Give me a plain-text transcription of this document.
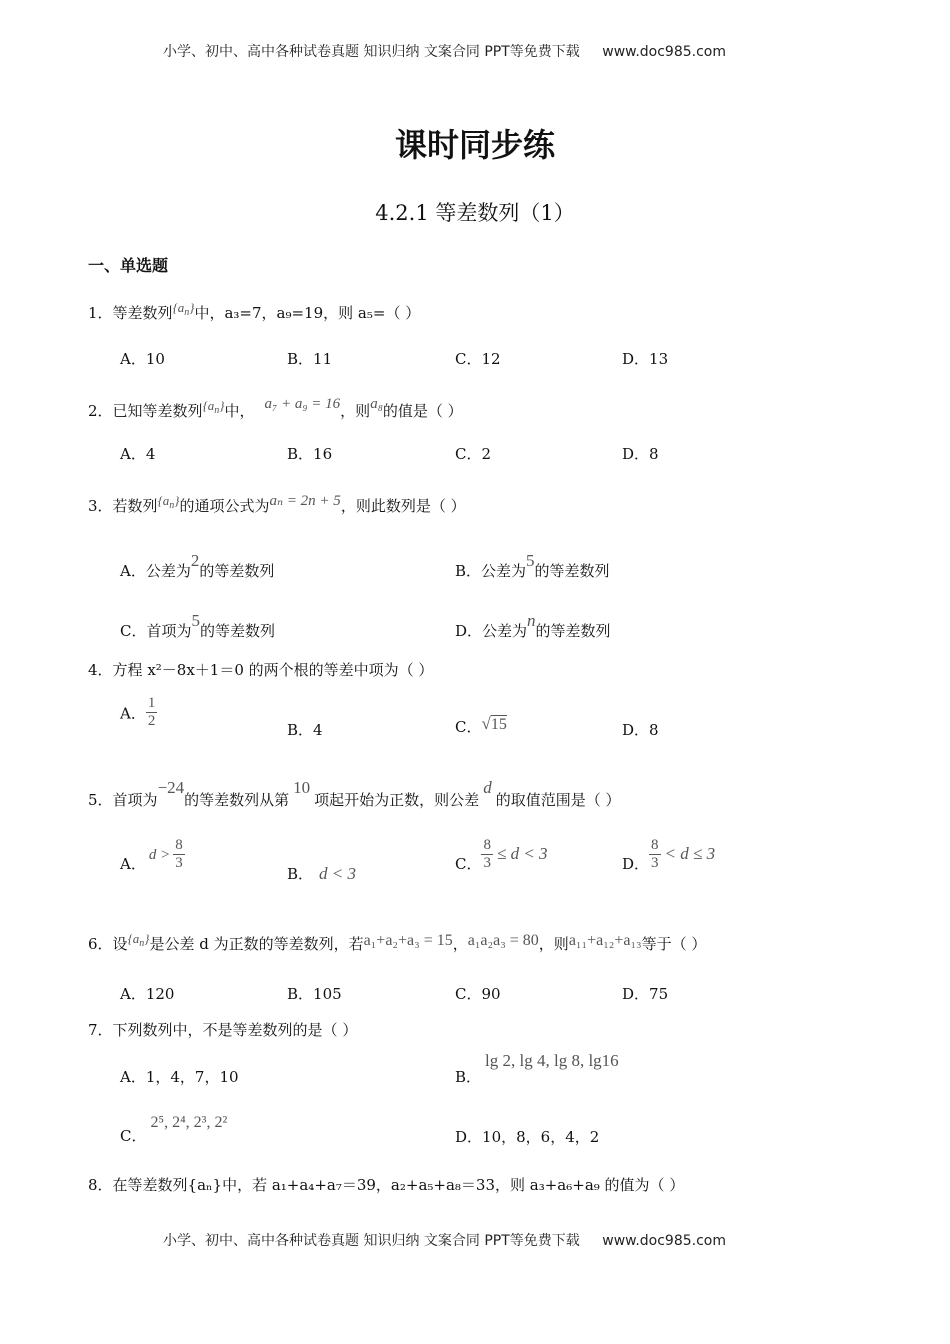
小学、初中、高中各种试卷真题 知识归纳 文案合同 PPT等免费下载 www.doc985.com
课时同步练
4.2.1 等差数列（1）
一、单选题
1．等差数列$\{a_n\}$中，a₃=7，a₉=19，则 a₅=（ ）
A．10	B．11	C．12	D．13
2．已知等差数列$\{a_n\}$中， a₇ + a₉ = 16，则a₈的值是（ ）
A．4	B．16	C．2	D．8
3．若数列$\{a_n\}$的通项公式为aₙ = 2n + 5，则此数列是（ ）
A．公差为2的等差数列	B．公差为5的等差数列
C．首项为5的等差数列	D．公差为n的等差数列
4．方程 x²－8x＋1＝0 的两个根的等差中项为（ ）
A． $\frac{1}{2}$	B．4	C．√15	D．8
5．首项为−24的等差数列从第10项起开始为正数，则公差d的取值范围是（ ）
A． $d > \frac{8}{3}$
B． d < 3
C． $\frac{8}{3} \le d < 3$
D． $\frac{8}{3} < d \le 3$
6．设$\{a_n\}$是公差 d 为正数的等差数列，若a₁+a₂+a₃ = 15，a₁a₂a₃ = 80，则a₁₁+a₁₂+a₁₃等于（ ）
A．120	B．105	C．90	D．75
7．下列数列中，不是等差数列的是（ ）
A．1，4，7，10	B．lg 2, lg 4, lg 8, lg16
C．2⁵, 2⁴, 2³, 2²
D．10，8，6，4，2
8．在等差数列{aₙ}中，若 a₁+a₄+a₇＝39，a₂+a₅+a₈＝33，则 a₃+a₆+a₉ 的值为（ ）
小学、初中、高中各种试卷真题 知识归纳 文案合同 PPT等免费下载 www.doc985.com
